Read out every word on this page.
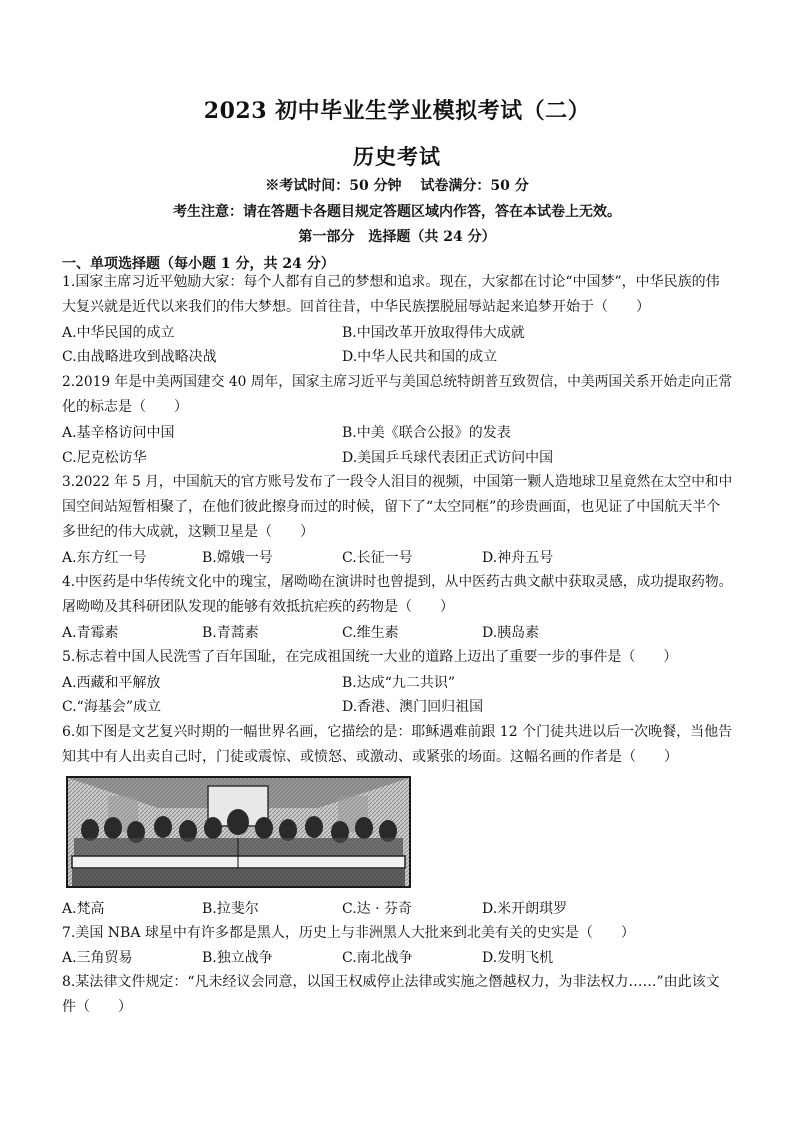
2023 初中毕业生学业模拟考试（二）
历史考试
※考试时间：50 分钟　 试卷满分：50 分
考生注意：请在答题卡各题目规定答题区域内作答，答在本试卷上无效。
第一部分　选择题（共 24 分）
一、单项选择题（每小题 1 分，共 24 分）
1.国家主席习近平勉励大家：每个人都有自己的梦想和追求。现在，大家都在讨论“中国梦”，中华民族的伟
大复兴就是近代以来我们的伟大梦想。回首往昔，中华民族摆脱屈辱站起来追梦开始于（　　）
A.中华民国的成立	B.中国改革开放取得伟大成就
C.由战略进攻到战略决战	D.中华人民共和国的成立
2.2019 年是中美两国建交 40 周年，国家主席习近平与美国总统特朗普互致贺信，中美两国关系开始走向正常
化的标志是（　　）
A.基辛格访问中国	B.中美《联合公报》的发表
C.尼克松访华	D.美国乒乓球代表团正式访问中国
3.2022 年 5 月，中国航天的官方账号发布了一段令人泪目的视频，中国第一颗人造地球卫星竟然在太空中和中
国空间站短暂相聚了，在他们彼此擦身而过的时候，留下了“太空同框”的珍贵画面，也见证了中国航天半个
多世纪的伟大成就，这颗卫星是（　　）
A.东方红一号	B.嫦娥一号	C.长征一号	D.神舟五号
4.中医药是中华传统文化中的瑰宝，屠呦呦在演讲时也曾提到，从中医药古典文献中获取灵感，成功提取药物。
屠呦呦及其科研团队发现的能够有效抵抗疟疾的药物是（　　）
A.青霉素	B.青蒿素	C.维生素	D.胰岛素
5.标志着中国人民洗雪了百年国耻，在完成祖国统一大业的道路上迈出了重要一步的事件是（　　）
A.西藏和平解放	B.达成“九二共识”
C.“海基会”成立	D.香港、澳门回归祖国
6.如下图是文艺复兴时期的一幅世界名画，它描绘的是：耶稣遇难前跟 12 个门徒共进以后一次晚餐，当他告
知其中有人出卖自己时，门徒或震惊、或愤怒、或激动、或紧张的场面。这幅名画的作者是（　　）
A.梵高	B.拉斐尔	C.达 · 芬奇	D.米开朗琪罗
7.美国 NBA 球星中有许多都是黑人，历史上与非洲黑人大批来到北美有关的史实是（　　）
A.三角贸易	B.独立战争	C.南北战争	D.发明飞机
8.某法律文件规定：“凡未经议会同意，以国王权威停止法律或实施之僭越权力，为非法权力……”由此该文
件（　　）
